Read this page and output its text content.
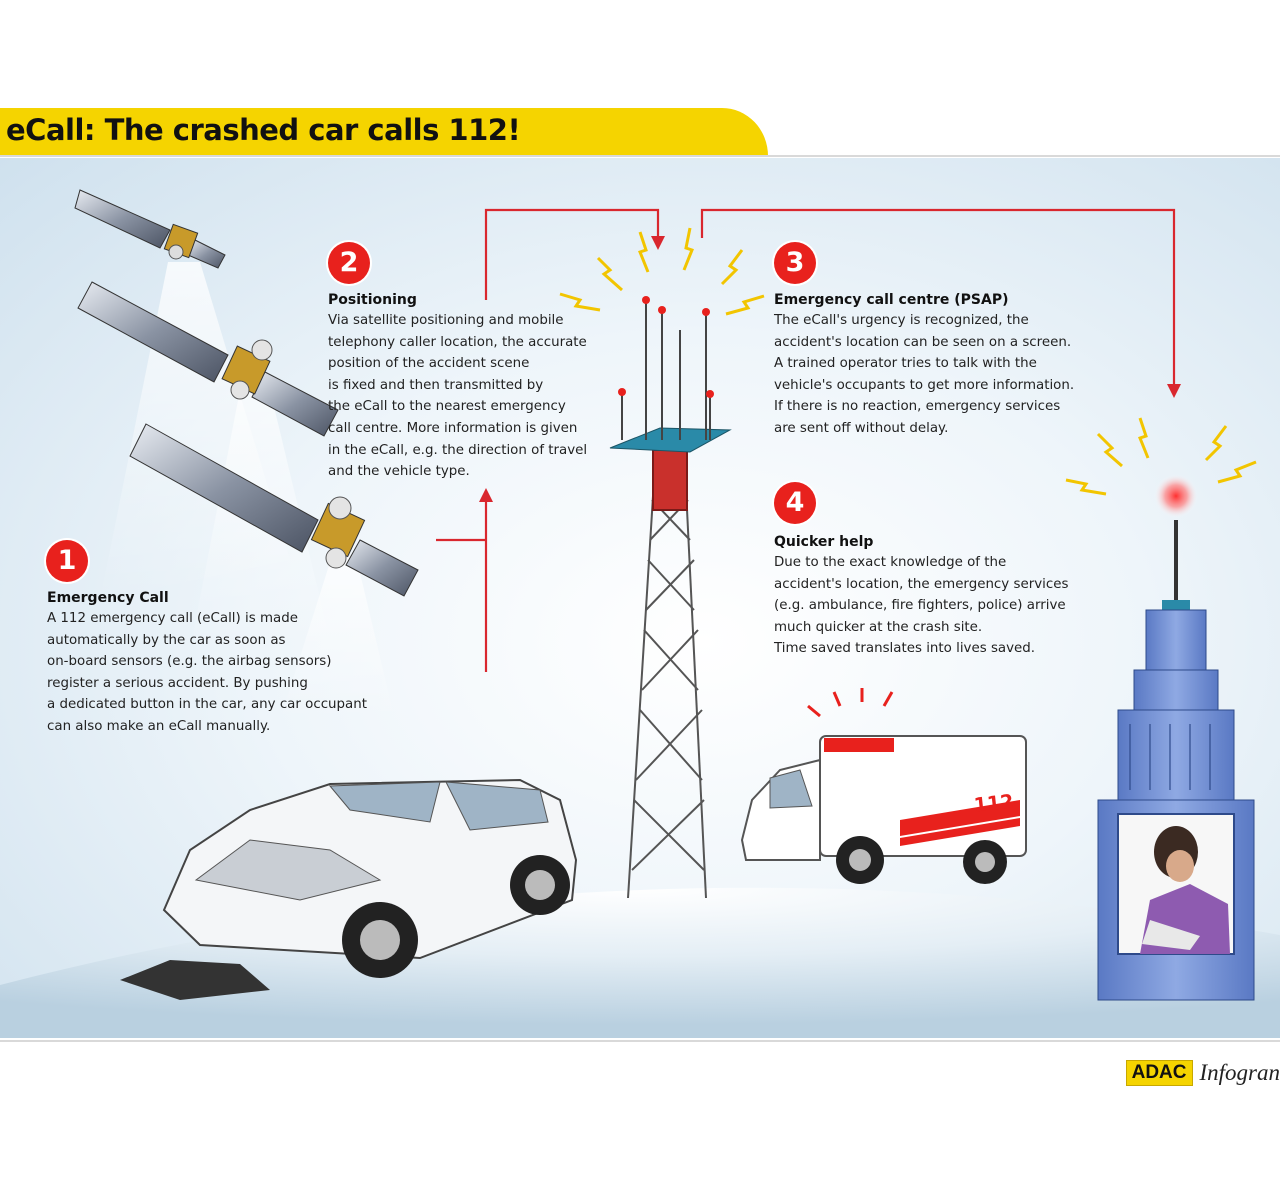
eCall: The crashed car calls 112!
112
1
2	3
4
Emergency Call

A 112 emergency call (eCall) is made
automatically by the car as soon as
on-board sensors (e.g. the airbag sensors)
register a serious accident. By pushing
a dedicated button in the car, any car occupant
can also make an eCall manually.

Positioning

Via satellite positioning and mobile
telephony caller location, the accurate
position of the accident scene
is fixed and then transmitted by
the eCall to the nearest emergency
call centre. More information is given
in the eCall, e.g. the direction of travel
and the vehicle type.

Emergency call centre (PSAP)

The eCall's urgency is recognized, the
accident's location can be seen on a screen.
A trained operator tries to talk with the
vehicle's occupants to get more information.
If there is no reaction, emergency services
are sent off without delay.

Quicker help

Due to the exact knowledge of the
accident's location, the emergency services
(e.g. ambulance, fire fighters, police) arrive
much quicker at the crash site.
Time saved translates into lives saved.

ADAC Infogran
